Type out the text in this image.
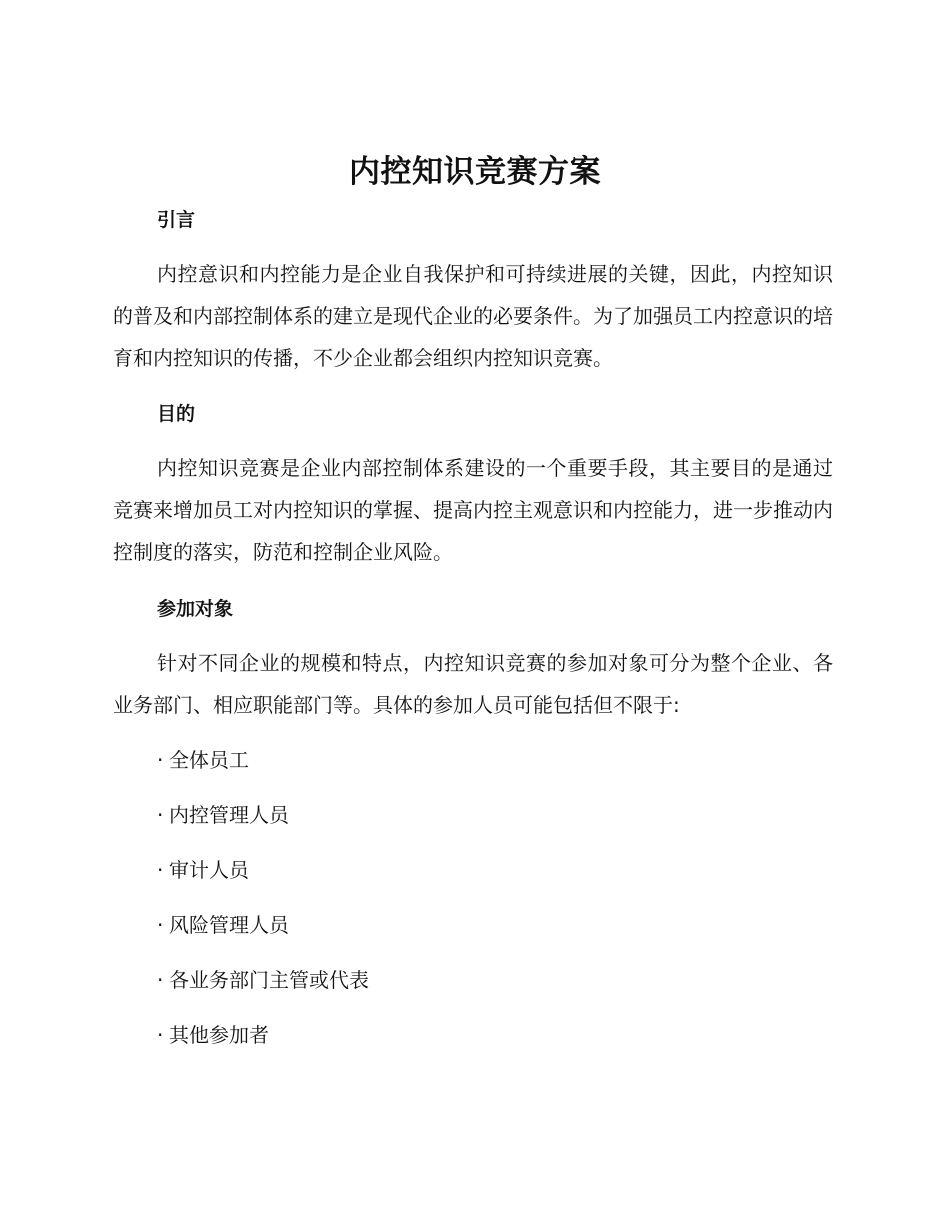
内控知识竞赛方案
引言

内控意识和内控能力是企业自我保护和可持续进展的关键，因此，内控知识的普及和内部控制体系的建立是现代企业的必要条件。为了加强员工内控意识的培育和内控知识的传播，不少企业都会组织内控知识竞赛。

目的

内控知识竞赛是企业内部控制体系建设的一个重要手段，其主要目的是通过竞赛来增加员工对内控知识的掌握、提高内控主观意识和内控能力，进一步推动内控制度的落实，防范和控制企业风险。

参加对象

针对不同企业的规模和特点，内控知识竞赛的参加对象可分为整个企业、各业务部门、相应职能部门等。具体的参加人员可能包括但不限于:

· 全体员工
· 内控管理人员
· 审计人员
· 风险管理人员
· 各业务部门主管或代表
· 其他参加者
